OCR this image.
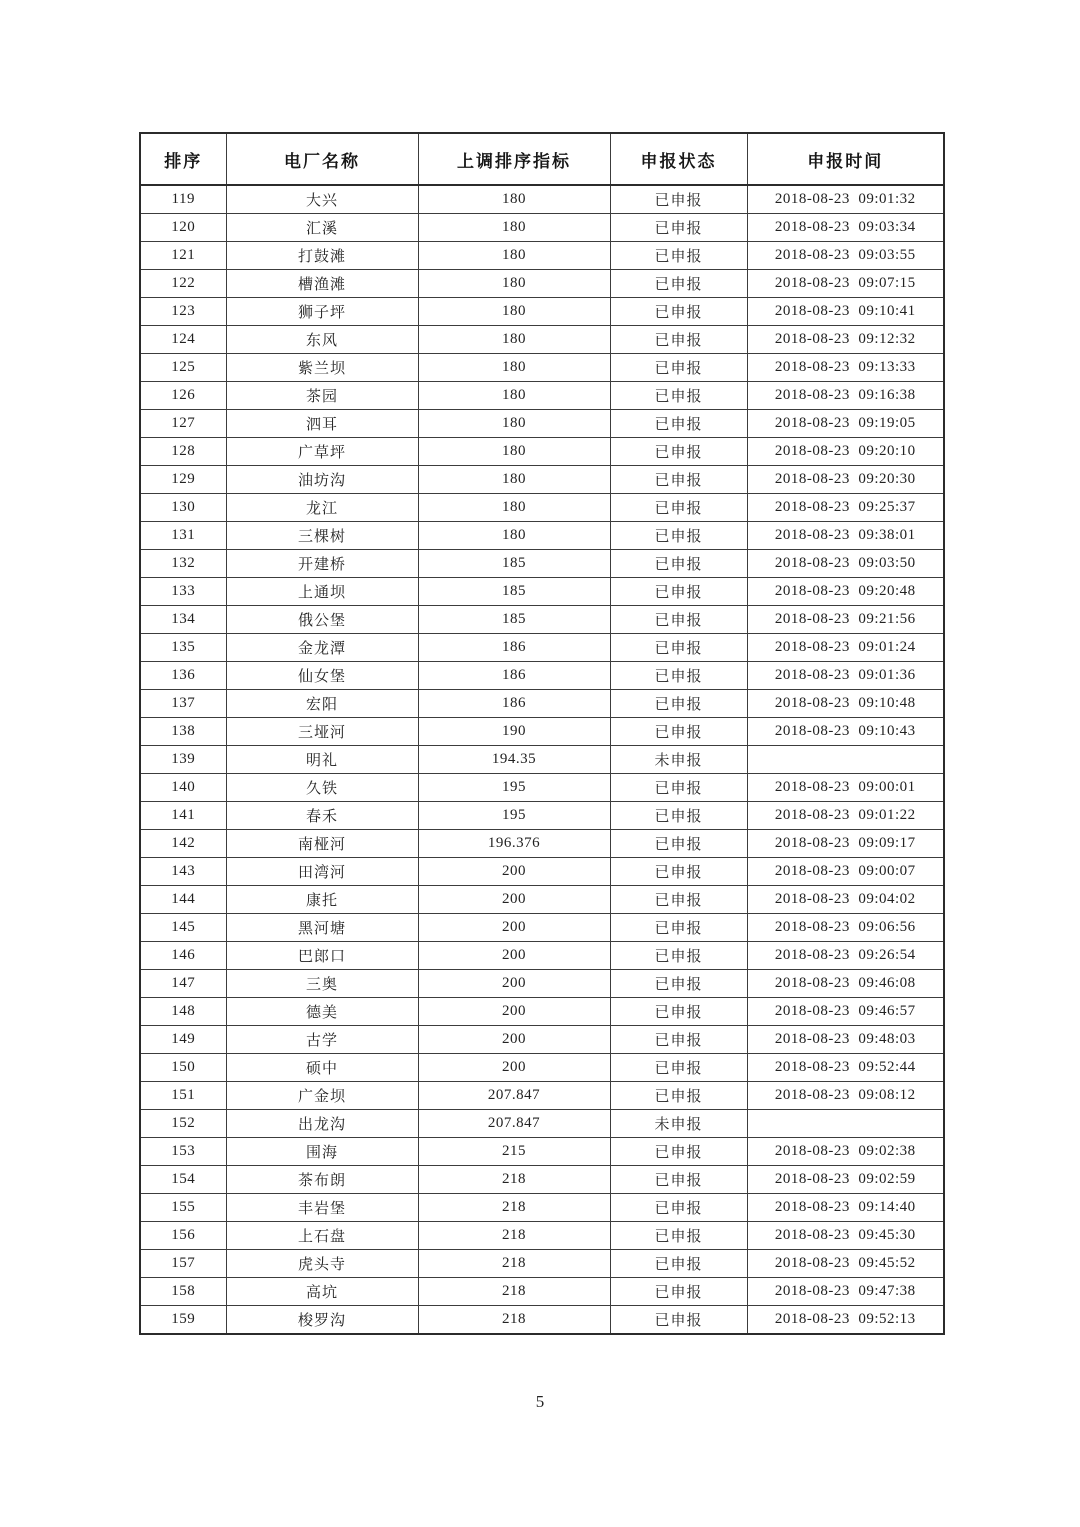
排序	电厂名称	上调排序指标	申报状态	申报时间
119	大兴	180	已申报	2018-08-23  09:01:32
120	汇溪	180	已申报	2018-08-23  09:03:34
121	打鼓滩	180	已申报	2018-08-23  09:03:55
122	槽渔滩	180	已申报	2018-08-23  09:07:15
123	狮子坪	180	已申报	2018-08-23  09:10:41
124	东风	180	已申报	2018-08-23  09:12:32
125	紫兰坝	180	已申报	2018-08-23  09:13:33
126	茶园	180	已申报	2018-08-23  09:16:38
127	泗耳	180	已申报	2018-08-23  09:19:05
128	广草坪	180	已申报	2018-08-23  09:20:10
129	油坊沟	180	已申报	2018-08-23  09:20:30
130	龙江	180	已申报	2018-08-23  09:25:37
131	三棵树	180	已申报	2018-08-23  09:38:01
132	开建桥	185	已申报	2018-08-23  09:03:50
133	上通坝	185	已申报	2018-08-23  09:20:48
134	俄公堡	185	已申报	2018-08-23  09:21:56
135	金龙潭	186	已申报	2018-08-23  09:01:24
136	仙女堡	186	已申报	2018-08-23  09:01:36
137	宏阳	186	已申报	2018-08-23  09:10:48
138	三垭河	190	已申报	2018-08-23  09:10:43
139	明礼	194.35	未申报	
140	久铁	195	已申报	2018-08-23  09:00:01
141	春禾	195	已申报	2018-08-23  09:01:22
142	南桠河	196.376	已申报	2018-08-23  09:09:17
143	田湾河	200	已申报	2018-08-23  09:00:07
144	康托	200	已申报	2018-08-23  09:04:02
145	黑河塘	200	已申报	2018-08-23  09:06:56
146	巴郎口	200	已申报	2018-08-23  09:26:54
147	三奥	200	已申报	2018-08-23  09:46:08
148	德美	200	已申报	2018-08-23  09:46:57
149	古学	200	已申报	2018-08-23  09:48:03
150	硕中	200	已申报	2018-08-23  09:52:44
151	广金坝	207.847	已申报	2018-08-23  09:08:12
152	出龙沟	207.847	未申报	
153	围海	215	已申报	2018-08-23  09:02:38
154	茶布朗	218	已申报	2018-08-23  09:02:59
155	丰岩堡	218	已申报	2018-08-23  09:14:40
156	上石盘	218	已申报	2018-08-23  09:45:30
157	虎头寺	218	已申报	2018-08-23  09:45:52
158	高坑	218	已申报	2018-08-23  09:47:38
159	梭罗沟	218	已申报	2018-08-23  09:52:13
5
